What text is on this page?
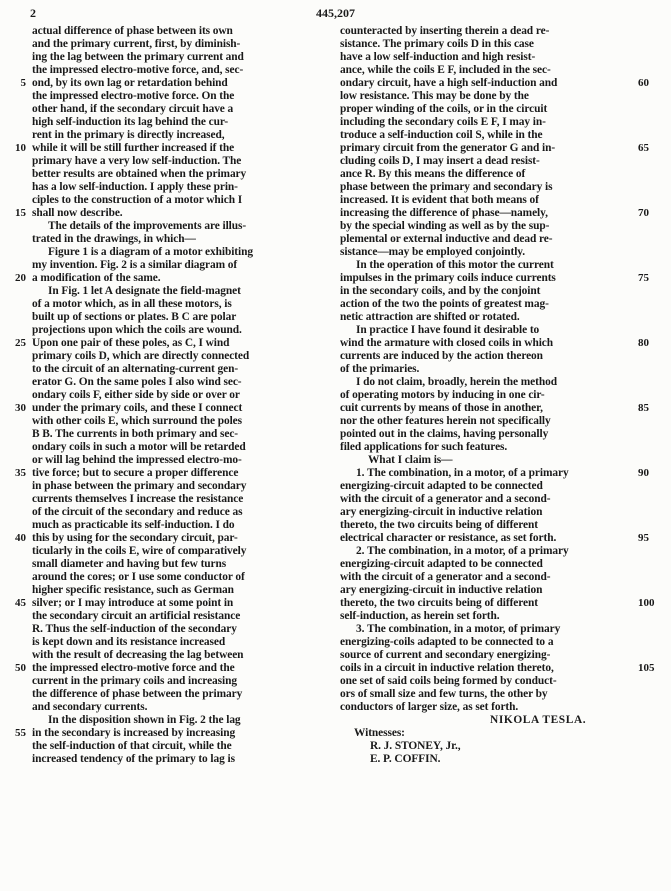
2	445,207
actual difference of phase between its own
and the primary current, first, by diminish-
ing the lag between the primary current and
the impressed electro-motive force, and, sec-
ond, by its own lag or retardation behind
the impressed electro-motive force. On the
other hand, if the secondary circuit have a
high self-induction its lag behind the cur-
rent in the primary is directly increased,
while it will be still further increased if the
primary have a very low self-induction. The
better results are obtained when the primary
has a low self-induction. I apply these prin-
ciples to the construction of a motor which I
shall now describe.
The details of the improvements are illus-
trated in the drawings, in which—
Figure 1 is a diagram of a motor exhibiting
my invention. Fig. 2 is a similar diagram of
a modification of the same.
In Fig. 1 let A designate the field-magnet
of a motor which, as in all these motors, is
built up of sections or plates. B C are polar
projections upon which the coils are wound.
Upon one pair of these poles, as C, I wind
primary coils D, which are directly connected
to the circuit of an alternating-current gen-
erator G. On the same poles I also wind sec-
ondary coils F, either side by side or over or
under the primary coils, and these I connect
with other coils E, which surround the poles
B B. The currents in both primary and sec-
ondary coils in such a motor will be retarded
or will lag behind the impressed electro-mo-
tive force; but to secure a proper difference
in phase between the primary and secondary
currents themselves I increase the resistance
of the circuit of the secondary and reduce as
much as practicable its self-induction. I do
this by using for the secondary circuit, par-
ticularly in the coils E, wire of comparatively
small diameter and having but few turns
around the cores; or I use some conductor of
higher specific resistance, such as German
silver; or I may introduce at some point in
the secondary circuit an artificial resistance
R. Thus the self-induction of the secondary
is kept down and its resistance increased
with the result of decreasing the lag between
the impressed electro-motive force and the
current in the primary coils and increasing
the difference of phase between the primary
and secondary currents.
In the disposition shown in Fig. 2 the lag
in the secondary is increased by increasing
the self-induction of that circuit, while the
increased tendency of the primary to lag is
counteracted by inserting therein a dead re-
sistance. The primary coils D in this case
have a low self-induction and high resist-
ance, while the coils E F, included in the sec-
ondary circuit, have a high self-induction and
low resistance. This may be done by the
proper winding of the coils, or in the circuit
including the secondary coils E F, I may in-
troduce a self-induction coil S, while in the
primary circuit from the generator G and in-
cluding coils D, I may insert a dead resist-
ance R. By this means the difference of
phase between the primary and secondary is
increased. It is evident that both means of
increasing the difference of phase—namely,
by the special winding as well as by the sup-
plemental or external inductive and dead re-
sistance—may be employed conjointly.
In the operation of this motor the current
impulses in the primary coils induce currents
in the secondary coils, and by the conjoint
action of the two the points of greatest mag-
netic attraction are shifted or rotated.
In practice I have found it desirable to
wind the armature with closed coils in which
currents are induced by the action thereon
of the primaries.
I do not claim, broadly, herein the method
of operating motors by inducing in one cir-
cuit currents by means of those in another,
nor the other features herein not specifically
pointed out in the claims, having personally
filed applications for such features.
What I claim is—
1. The combination, in a motor, of a primary
energizing-circuit adapted to be connected
with the circuit of a generator and a second-
ary energizing-circuit in inductive relation
thereto, the two circuits being of different
electrical character or resistance, as set forth.
2. The combination, in a motor, of a primary
energizing-circuit adapted to be connected
with the circuit of a generator and a second-
ary energizing-circuit in inductive relation
thereto, the two circuits being of different
self-induction, as herein set forth.
3. The combination, in a motor, of primary
energizing-coils adapted to be connected to a
source of current and secondary energizing-
coils in a circuit in inductive relation thereto,
one set of said coils being formed by conduct-
ors of small size and few turns, the other by
conductors of larger size, as set forth.
NIKOLA TESLA.
Witnesses:
R. J. STONEY, Jr.,
E. P. COFFIN.
5
10
15
20
25
30
35
40
45
50
55
60
65
70
75
80
85
90
95
100
105
